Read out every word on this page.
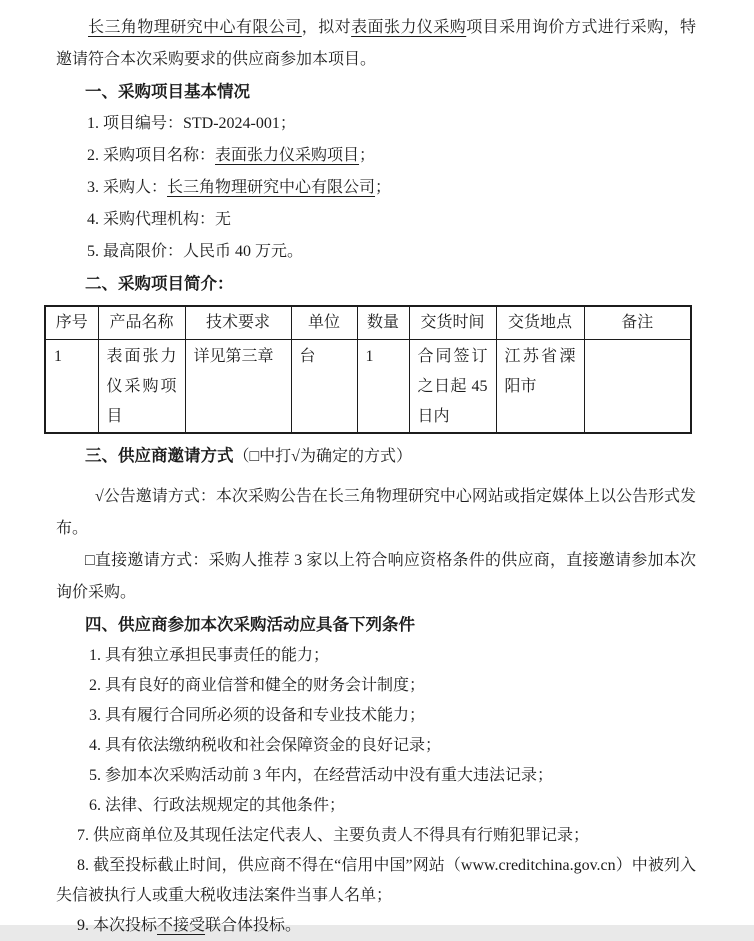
长三角物理研究中心有限公司，拟对表面张力仪采购项目采用询价方式进行采购，特邀请符合本次采购要求的供应商参加本项目。

一、采购项目基本情况

1. 项目编号：STD-2024-001；

2. 采购项目名称：表面张力仪采购项目；

3. 采购人：长三角物理研究中心有限公司；

4. 采购代理机构：无

5. 最高限价：人民币 40 万元。

二、采购项目简介：
序号	产品名称	技术要求	单位	数量	交货时间	交货地点	备注
1	表面张力仪采购项目	详见第三章	台	1	合同签订之日起 45 日内	江苏省溧阳市	
三、供应商邀请方式（□中打√为确定的方式）

√公告邀请方式：本次采购公告在长三角物理研究中心网站或指定媒体上以公告形式发布。

□直接邀请方式：采购人推荐 3 家以上符合响应资格条件的供应商，直接邀请参加本次询价采购。

四、供应商参加本次采购活动应具备下列条件

1. 具有独立承担民事责任的能力；

2. 具有良好的商业信誉和健全的财务会计制度；

3. 具有履行合同所必须的设备和专业技术能力；

4. 具有依法缴纳税收和社会保障资金的良好记录；

5. 参加本次采购活动前 3 年内，在经营活动中没有重大违法记录；

6. 法律、行政法规规定的其他条件；

7. 供应商单位及其现任法定代表人、主要负责人不得具有行贿犯罪记录；

8. 截至投标截止时间，供应商不得在“信用中国”网站（www.creditchina.gov.cn）中被列入失信被执行人或重大税收违法案件当事人名单；

9. 本次投标不接受联合体投标。
